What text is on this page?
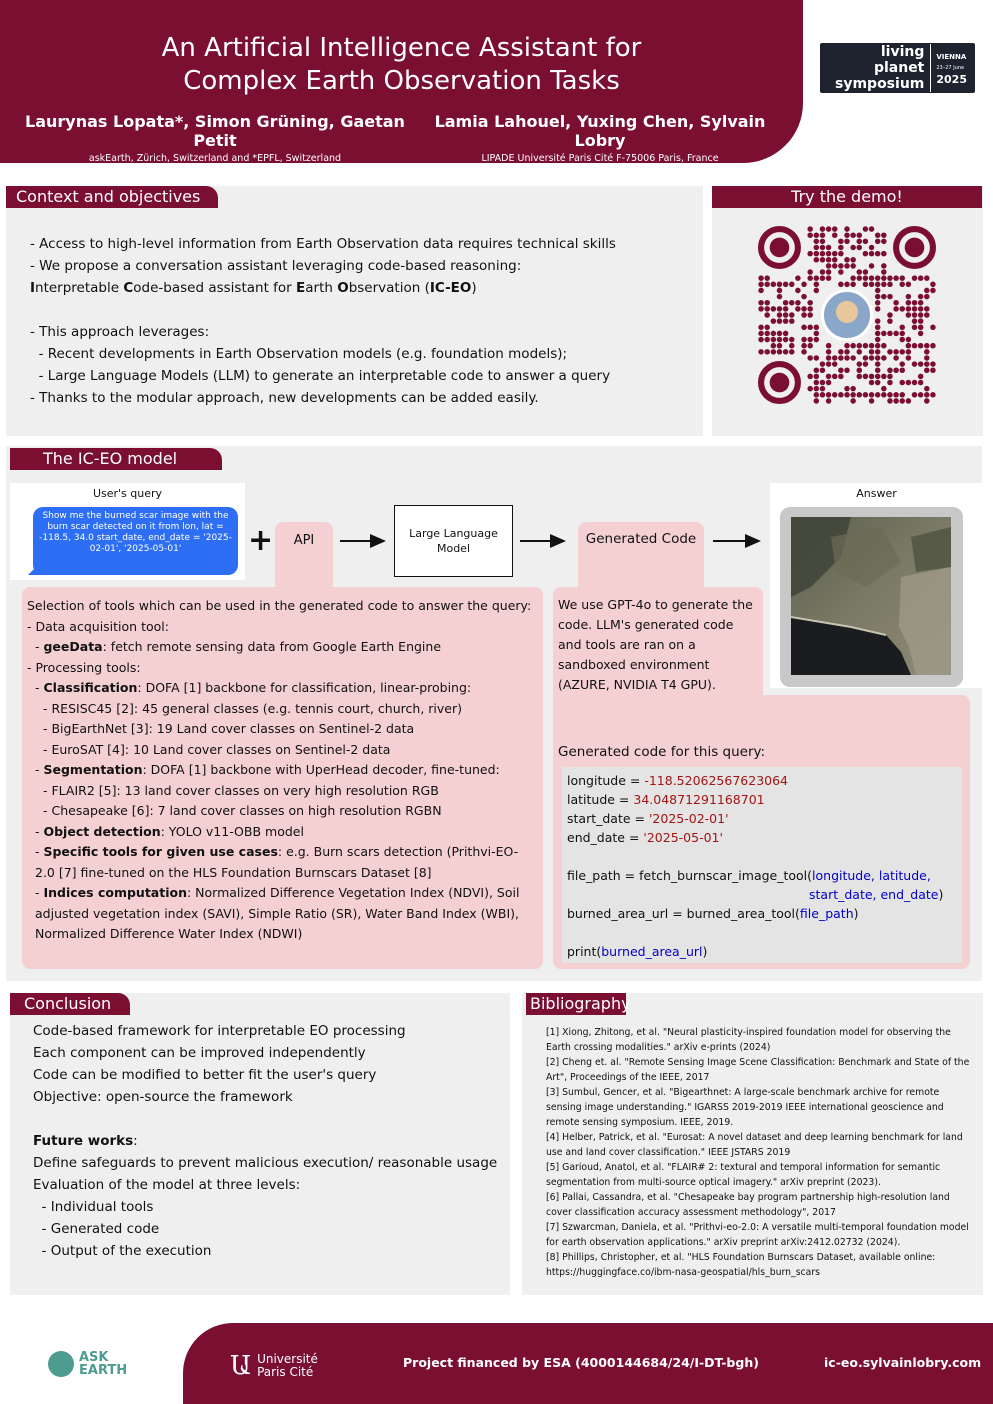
An Artificial Intelligence Assistant for
Complex Earth Observation Tasks
Laurynas Lopata*, Simon Grüning, Gaetan Petit
askEarth, Zürich, Switzerland and *EPFL, Switzerland
Lamia Lahouel, Yuxing Chen, Sylvain Lobry
LIPADE Université Paris Cité F-75006 Paris, France
living planet
symposium
VIENNA
23–27 June
2025
Context and objectives
- Access to high-level information from Earth Observation data requires technical skills
- We propose a conversation assistant leveraging code-based reasoning:
Interpretable Code-based assistant for Earth Observation (IC-EO)
- This approach leverages:
- Recent developments in Earth Observation models (e.g. foundation models);
- Large Language Models (LLM) to generate an interpretable code to answer a query
- Thanks to the modular approach, new developments can be added easily.
Try the demo!
The IC-EO model
User's query
Show me the burned scar image with the burn scar detected on it from lon, lat = -118.5, 34.0 start_date, end_date = '2025-02-01', '2025-05-01'	+	API	Large Language
Model
Generated Code
Answer
Selection of tools which can be used in the generated code to answer the query:
- Data acquisition tool:
- geeData: fetch remote sensing data from Google Earth Engine
- Processing tools:
- Classification: DOFA [1] backbone for classification, linear-probing:
- RESISC45 [2]: 45 general classes (e.g. tennis court, church, river)
- BigEarthNet [3]: 19 Land cover classes on Sentinel-2 data
- EuroSAT [4]: 10 Land cover classes on Sentinel-2 data
- Segmentation: DOFA [1] backbone with UperHead decoder, fine-tuned:
- FLAIR2 [5]: 13 land cover classes on very high resolution RGB
- Chesapeake [6]: 7 land cover classes on high resolution RGBN
- Object detection: YOLO v11-OBB model
- Specific tools for given use cases: e.g. Burn scars detection (Prithvi-EO-2.0 [7] fine-tuned on the HLS Foundation Burnscars Dataset [8]
- Indices computation: Normalized Difference Vegetation Index (NDVI), Soil adjusted vegetation index (SAVI), Simple Ratio (SR), Water Band Index (WBI), Normalized Difference Water Index (NDWI)
We use GPT-4o to generate the code. LLM's generated code and tools are ran on a sandboxed environment (AZURE, NVIDIA T4 GPU).
Generated code for this query:
longitude = -118.52062567623064
latitude = 34.04871291168701
start_date = '2025-02-01'
end_date = '2025-05-01'
file_path = fetch_burnscar_image_tool(longitude, latitude,
start_date, end_date)
burned_area_url = burned_area_tool(file_path)
print(burned_area_url)
Conclusion
Code-based framework for interpretable EO processing
Each component can be improved independently
Code can be modified to better fit the user's query
Objective: open-source the framework
Future works:
Define safeguards to prevent malicious execution/ reasonable usage
Evaluation of the model at three levels:
- Individual tools
- Generated code
- Output of the execution
Bibliography
[1] Xiong, Zhitong, et al. "Neural plasticity-inspired foundation model for observing the Earth crossing modalities." arXiv e-prints (2024)
[2] Cheng et. al. "Remote Sensing Image Scene Classification: Benchmark and State of the Art", Proceedings of the IEEE, 2017
[3] Sumbul, Gencer, et al. "Bigearthnet: A large-scale benchmark archive for remote sensing image understanding." IGARSS 2019-2019 IEEE international geoscience and remote sensing symposium. IEEE, 2019.
[4] Helber, Patrick, et al. "Eurosat: A novel dataset and deep learning benchmark for land use and land cover classification." IEEE JSTARS 2019
[5] Garioud, Anatol, et al. "FLAIR# 2: textural and temporal information for semantic segmentation from multi-source optical imagery." arXiv preprint (2023).
[6] Pallai, Cassandra, et al. "Chesapeake bay program partnership high-resolution land cover classification accuracy assessment methodology", 2017
[7] Szwarcman, Daniela, et al. "Prithvi-eo-2.0: A versatile multi-temporal foundation model for earth observation applications." arXiv preprint arXiv:2412.02732 (2024).
[8] Phillips, Christopher, et al. "HLS Foundation Burnscars Dataset, available online: https://huggingface.co/ibm-nasa-geospatial/hls_burn_scars
ASK
EARTH	Ա Université
Paris Cité
Project financed by ESA (4000144684/24/I-DT-bgh)	ic-eo.sylvainlobry.com
